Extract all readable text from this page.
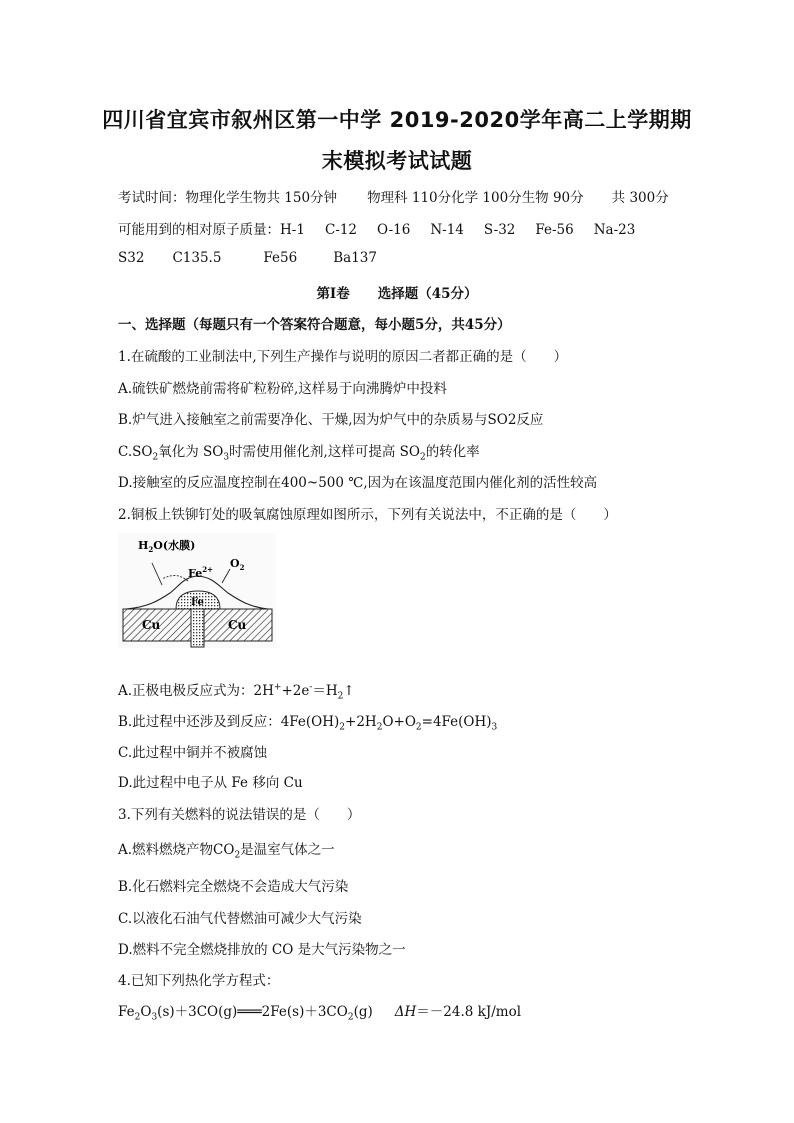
四川省宜宾市叙州区第一中学 2019-2020学年高二上学期期
末模拟考试试题
考试时间：物理化学生物共 150分钟 物理科 110分化学 100分生物 90分 共 300分
可能用到的相对原子质量：H-1 C-12 O-16 N-14 S-32 Fe-56 Na-23
S32 C135.5	Fe56	Ba137
第Ⅰ卷 选择题（45分）
一、选择题（每题只有一个答案符合题意，每小题5分，共45分）
1.在硫酸的工业制法中,下列生产操作与说明的原因二者都正确的是（　　）
A.硫铁矿燃烧前需将矿粒粉碎,这样易于向沸腾炉中投料
B.炉气进入接触室之前需要净化、干燥,因为炉气中的杂质易与SO2反应
$C.SO_2$氧化为 $SO_3$时需使用催化剂,这样可提高 $SO_2$的转化率
D.接触室的反应温度控制在400~500 ℃,因为在该温度范围内催化剂的活性较高
2.铜板上铁铆钉处的吸氧腐蚀原理如图所示，下列有关说法中，不正确的是（　　）
$H_2O$(水膜)
$Fe^{2+}$ $O_2$
Fe
Cu	Cu
A.正极电极反应式为：$2H^++2e^-=H_2↑$
B.此过程中还涉及到反应：$4Fe(OH)_2+2H_2O+O_2=4Fe(OH)_3$
C.此过程中铜并不被腐蚀
D.此过程中电子从 Fe 移向 Cu
3.下列有关燃料的说法错误的是（　　）
A.燃料燃烧产物$CO_2$是温室气体之一
B.化石燃料完全燃烧不会造成大气污染
C.以液化石油气代替燃油可减少大气污染
D.燃料不完全燃烧排放的 CO 是大气污染物之一
4.已知下列热化学方程式：
$Fe_2O_3(s)+3CO(g)═══2Fe(s)+3CO_2(g)$ ΔH＝－24.8 kJ/mol
